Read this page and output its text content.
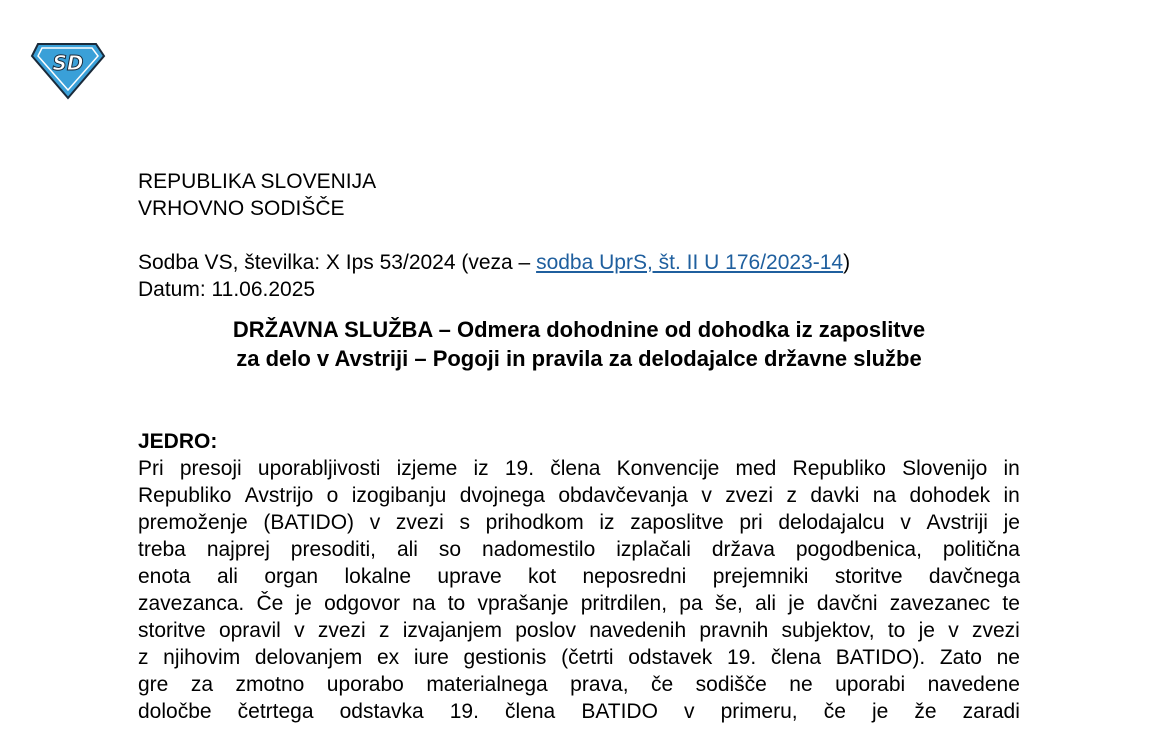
SD
REPUBLIKA SLOVENIJA
VRHOVNO SODIŠČE
Sodba VS, številka: X Ips 53/2024 (veza – sodba UprS, št. II U 176/2023-14)
Datum: 11.06.2025
DRŽAVNA SLUŽBA – Odmera dohodnine od dohodka iz zaposlitve
za delo v Avstriji – Pogoji in pravila za delodajalce državne službe
JEDRO:
Pri presoji uporabljivosti izjeme iz 19. člena Konvencije med Republiko Slovenijo in
Republiko Avstrijo o izogibanju dvojnega obdavčevanja v zvezi z davki na dohodek in
premoženje (BATIDO) v zvezi s prihodkom iz zaposlitve pri delodajalcu v Avstriji je
treba najprej presoditi, ali so nadomestilo izplačali država pogodbenica, politična
enota ali organ lokalne uprave kot neposredni prejemniki storitve davčnega
zavezanca. Če je odgovor na to vprašanje pritrdilen, pa še, ali je davčni zavezanec te
storitve opravil v zvezi z izvajanjem poslov navedenih pravnih subjektov, to je v zvezi
z njihovim delovanjem ex iure gestionis (četrti odstavek 19. člena BATIDO). Zato ne
gre za zmotno uporabo materialnega prava, če sodišče ne uporabi navedene
določbe četrtega odstavka 19. člena BATIDO v primeru, če je že zaradi
